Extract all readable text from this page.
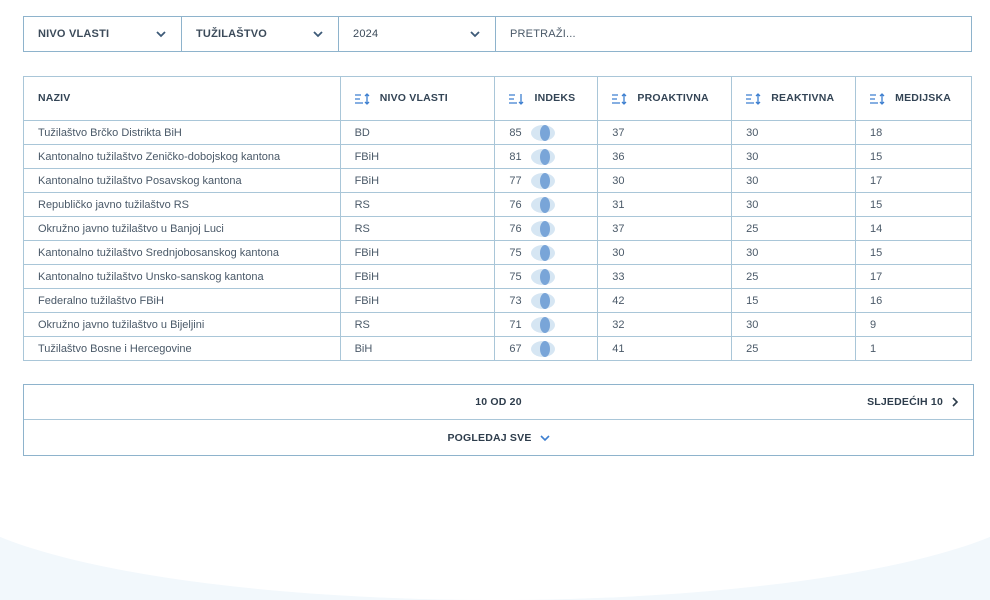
NIVO VLASTI	TUŽILAŠTVO	2024	PRETRAŽI...
NAZIV	NIVO VLASTI	INDEKS	PROAKTIVNA	REAKTIVNA	MEDIJSKA
Tužilaštvo Brčko Distrikta BiH	BD	85	37	30	18
Kantonalno tužilaštvo Zeničko-dobojskog kantona	FBiH	81	36	30	15
Kantonalno tužilaštvo Posavskog kantona	FBiH	77	30	30	17
Republičko javno tužilaštvo RS	RS	76	31	30	15
Okružno javno tužilaštvo u Banjoj Luci	RS	76	37	25	14
Kantonalno tužilaštvo Srednjobosanskog kantona	FBiH	75	30	30	15
Kantonalno tužilaštvo Unsko-sanskog kantona	FBiH	75	33	25	17
Federalno tužilaštvo FBiH	FBiH	73	42	15	16
Okružno javno tužilaštvo u Bijeljini	RS	71	32	30	9
Tužilaštvo Bosne i Hercegovine	BiH	67	41	25	1
10 OD 20	SLJEDEĆIH 10
POGLEDAJ SVE
